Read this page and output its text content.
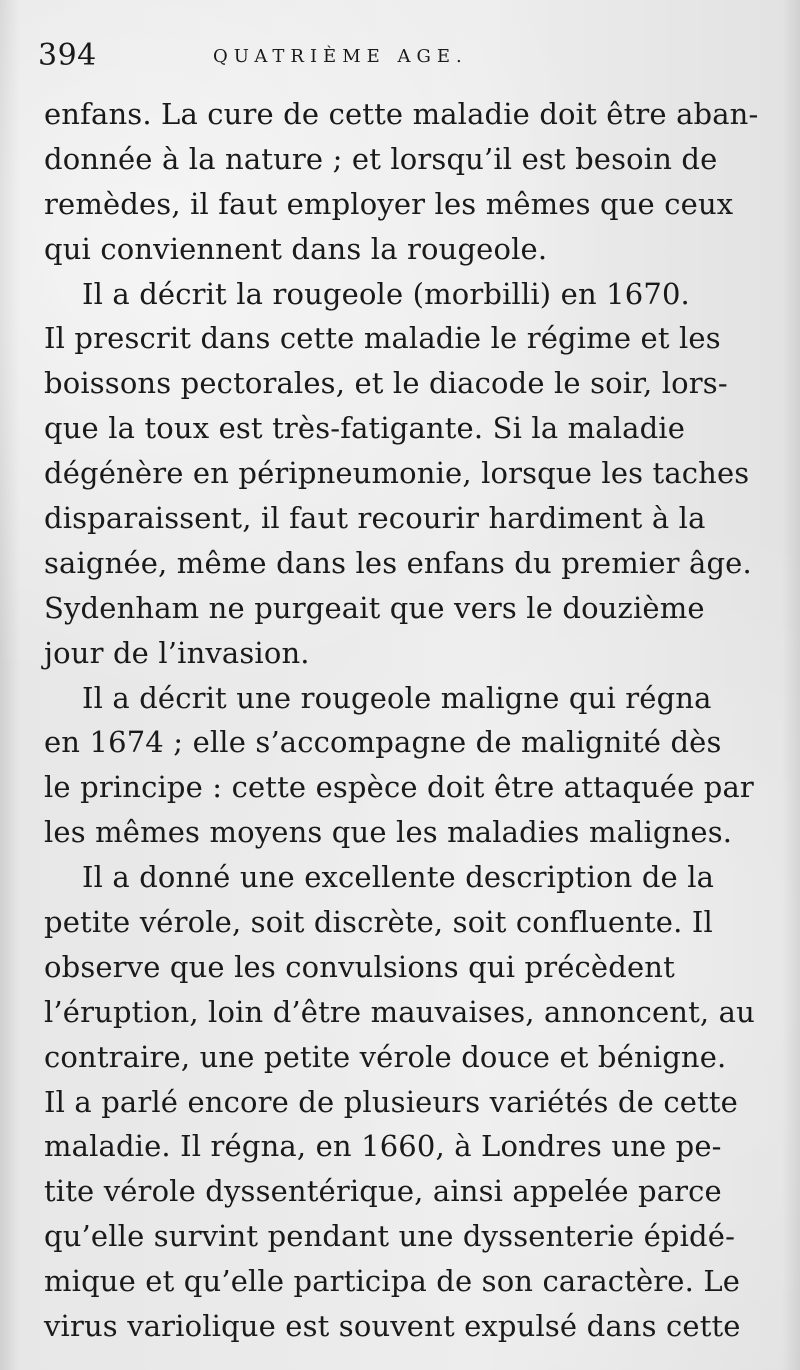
394	QUATRIÈME AGE.
enfans. La cure de cette maladie doit être aban-
donnée à la nature ; et lorsqu’il est besoin de
remèdes, il faut employer les mêmes que ceux
qui conviennent dans la rougeole.
Il a décrit la rougeole (morbilli) en 1670.
Il prescrit dans cette maladie le régime et les
boissons pectorales, et le diacode le soir, lors-
que la toux est très-fatigante. Si la maladie
dégénère en péripneumonie, lorsque les taches
disparaissent, il faut recourir hardiment à la
saignée, même dans les enfans du premier âge.
Sydenham ne purgeait que vers le douzième
jour de l’invasion.
Il a décrit une rougeole maligne qui régna
en 1674 ; elle s’accompagne de malignité dès
le principe : cette espèce doit être attaquée par
les mêmes moyens que les maladies malignes.
Il a donné une excellente description de la
petite vérole, soit discrète, soit confluente. Il
observe que les convulsions qui précèdent
l’éruption, loin d’être mauvaises, annoncent, au
contraire, une petite vérole douce et bénigne.
Il a parlé encore de plusieurs variétés de cette
maladie. Il régna, en 1660, à Londres une pe-
tite vérole dyssentérique, ainsi appelée parce
qu’elle survint pendant une dyssenterie épidé-
mique et qu’elle participa de son caractère. Le
virus variolique est souvent expulsé dans cette
